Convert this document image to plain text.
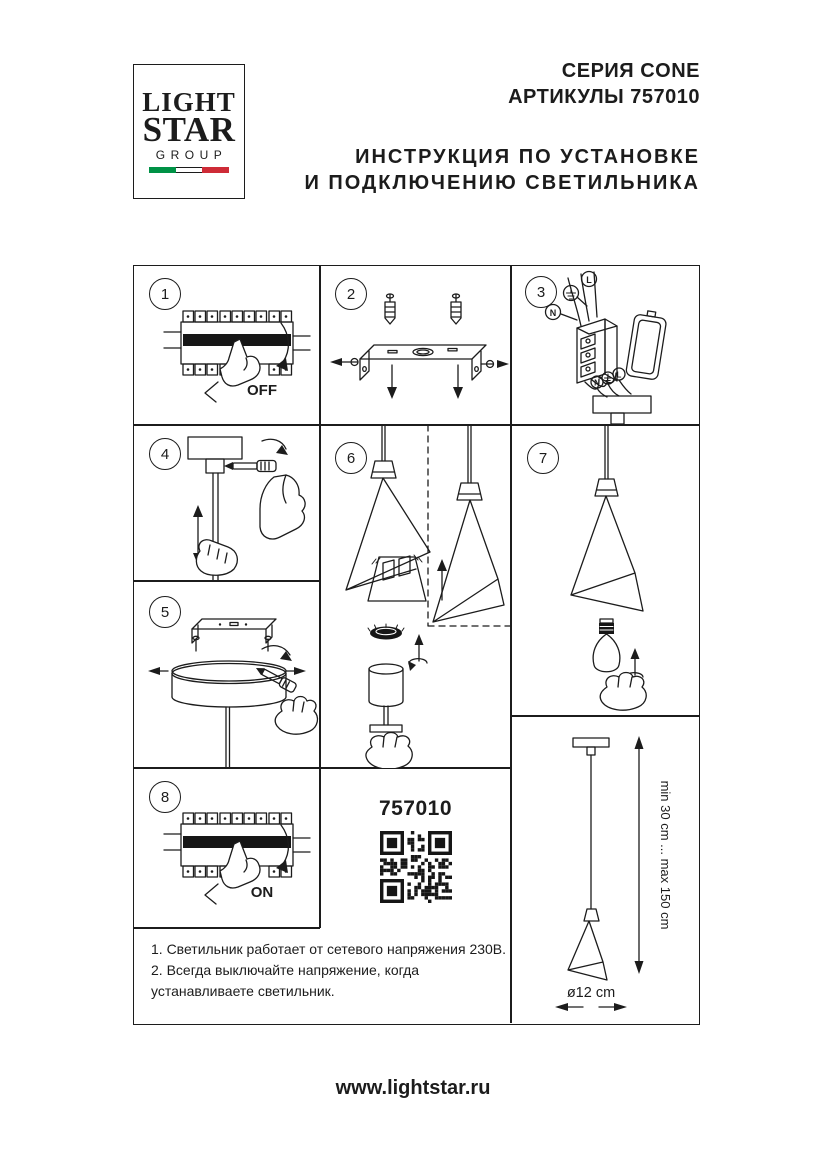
LIGHT
STAR
GROUP
СЕРИЯ CONE
АРТИКУЛЫ 757010
ИНСТРУКЦИЯ ПО УСТАНОВКЕ
И ПОДКЛЮЧЕНИЮ СВЕТИЛЬНИКА
1	2	3
4
5
6	7
8
OFF
N
L
N
L
ON
757010	min 30 cm ... max 150 cm
ø12 cm
1. Светильник работает от сетевого напряжения 230В.
2. Всегда выключайте напряжение, когда устанавливаете светильник.
www.lightstar.ru
